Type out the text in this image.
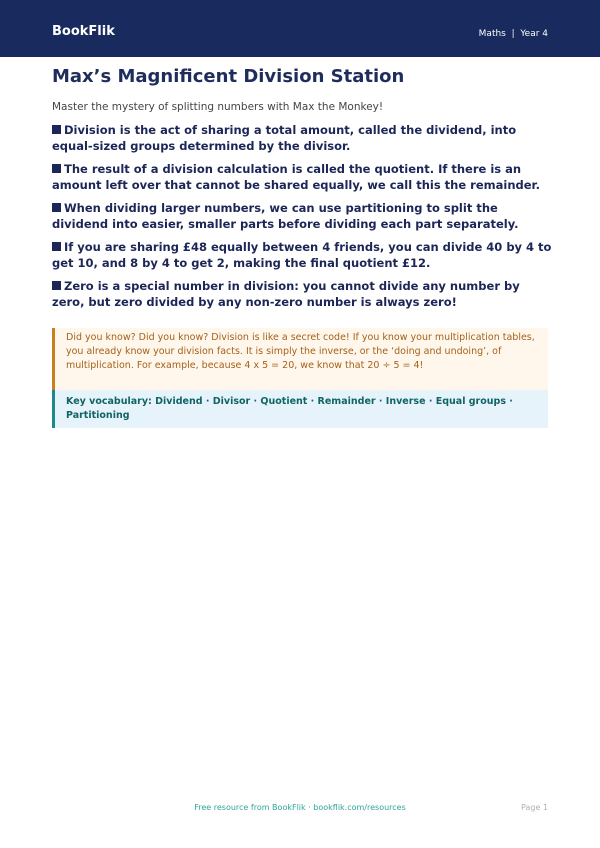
BookFlik	Maths  |  Year 4
Max’s Magnificent Division Station
Master the mystery of splitting numbers with Max the Monkey!
Division is the act of sharing a total amount, called the dividend, into equal-sized groups determined by the divisor.
The result of a division calculation is called the quotient. If there is an amount left over that cannot be shared equally, we call this the remainder.
When dividing larger numbers, we can use partitioning to split the dividend into easier, smaller parts before dividing each part separately.
If you are sharing £48 equally between 4 friends, you can divide 40 by 4 to get 10, and 8 by 4 to get 2, making the final quotient £12.
Zero is a special number in division: you cannot divide any number by zero, but zero divided by any non-zero number is always zero!
Did you know? Did you know? Division is like a secret code! If you know your multiplication tables, you already know your division facts. It is simply the inverse, or the ‘doing and undoing’, of multiplication. For example, because 4 x 5 = 20, we know that 20 ÷ 5 = 4!
Key vocabulary: Dividend · Divisor · Quotient · Remainder · Inverse · Equal groups · Partitioning
Free resource from BookFlik · bookflik.com/resources	Page 1
